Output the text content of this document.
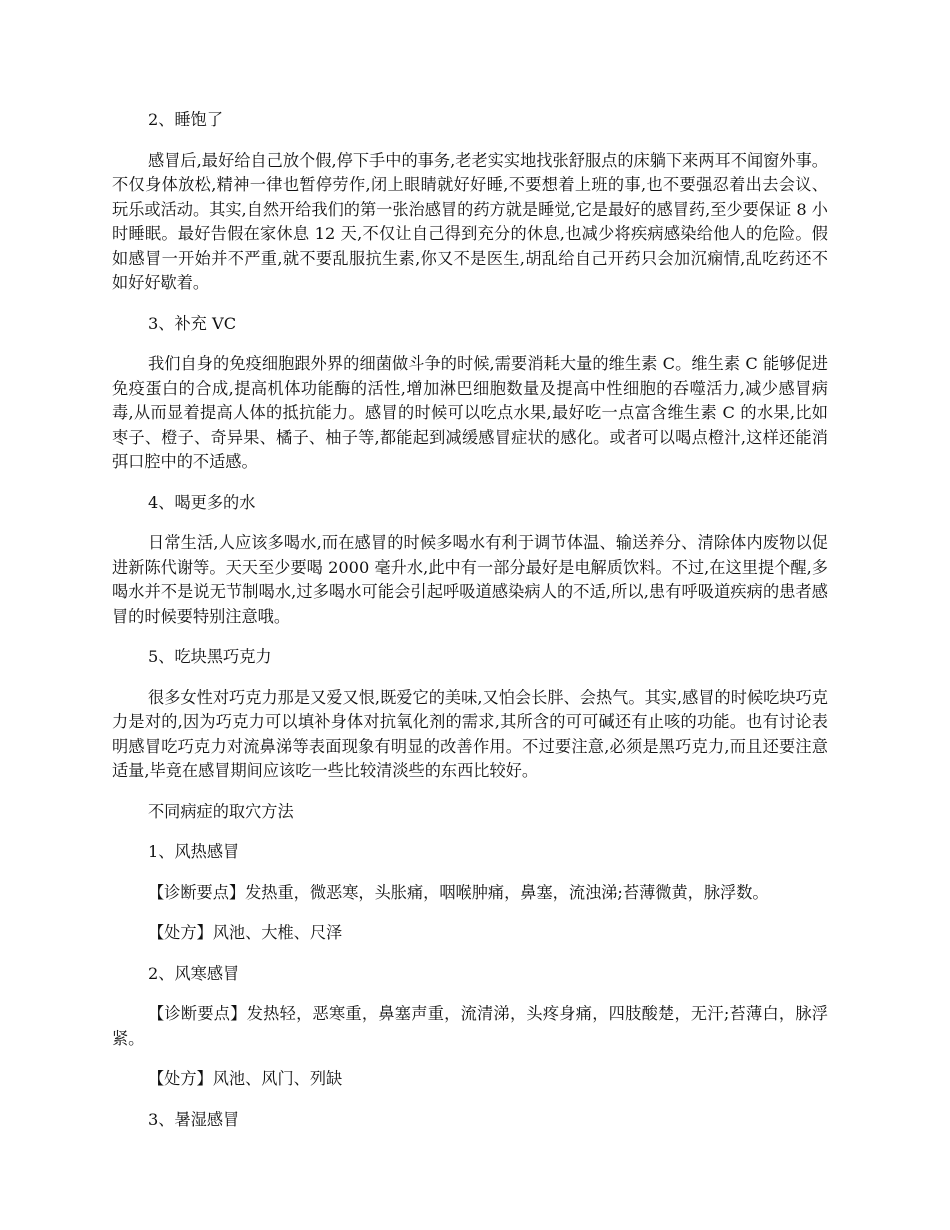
2、睡饱了

感冒后,最好给自己放个假,停下手中的事务,老老实实地找张舒服点的床躺下来两耳不闻窗外事。不仅身体放松,精神一律也暂停劳作,闭上眼睛就好好睡,不要想着上班的事,也不要强忍着出去会议、玩乐或活动。其实,自然开给我们的第一张治感冒的药方就是睡觉,它是最好的感冒药,至少要保证 8 小时睡眠。最好告假在家休息 12 天,不仅让自己得到充分的休息,也减少将疾病感染给他人的危险。假如感冒一开始并不严重,就不要乱服抗生素,你又不是医生,胡乱给自己开药只会加沉痫情,乱吃药还不如好好歇着。

3、补充 VC

我们自身的免疫细胞跟外界的细菌做斗争的时候,需要消耗大量的维生素 C。维生素 C 能够促进免疫蛋白的合成,提高机体功能酶的活性,增加淋巴细胞数量及提高中性细胞的吞噬活力,减少感冒病毒,从而显着提高人体的抵抗能力。感冒的时候可以吃点水果,最好吃一点富含维生素 C 的水果,比如枣子、橙子、奇异果、橘子、柚子等,都能起到减缓感冒症状的感化。或者可以喝点橙汁,这样还能消弭口腔中的不适感。

4、喝更多的水

日常生活,人应该多喝水,而在感冒的时候多喝水有利于调节体温、输送养分、清除体内废物以促进新陈代谢等。天天至少要喝 2000 毫升水,此中有一部分最好是电解质饮料。不过,在这里提个醒,多喝水并不是说无节制喝水,过多喝水可能会引起呼吸道感染病人的不适,所以,患有呼吸道疾病的患者感冒的时候要特别注意哦。

5、吃块黑巧克力

很多女性对巧克力那是又爱又恨,既爱它的美味,又怕会长胖、会热气。其实,感冒的时候吃块巧克力是对的,因为巧克力可以填补身体对抗氧化剂的需求,其所含的可可碱还有止咳的功能。也有讨论表明感冒吃巧克力对流鼻涕等表面现象有明显的改善作用。不过要注意,必须是黑巧克力,而且还要注意适量,毕竟在感冒期间应该吃一些比较清淡些的东西比较好。

不同病症的取穴方法

1、风热感冒

【诊断要点】发热重，微恶寒，头胀痛，咽喉肿痛，鼻塞，流浊涕;苔薄微黄，脉浮数。

【处方】风池、大椎、尺泽

2、风寒感冒

【诊断要点】发热轻，恶寒重，鼻塞声重，流清涕，头疼身痛，四肢酸楚，无汗;苔薄白，脉浮紧。

【处方】风池、风门、列缺

3、暑湿感冒
